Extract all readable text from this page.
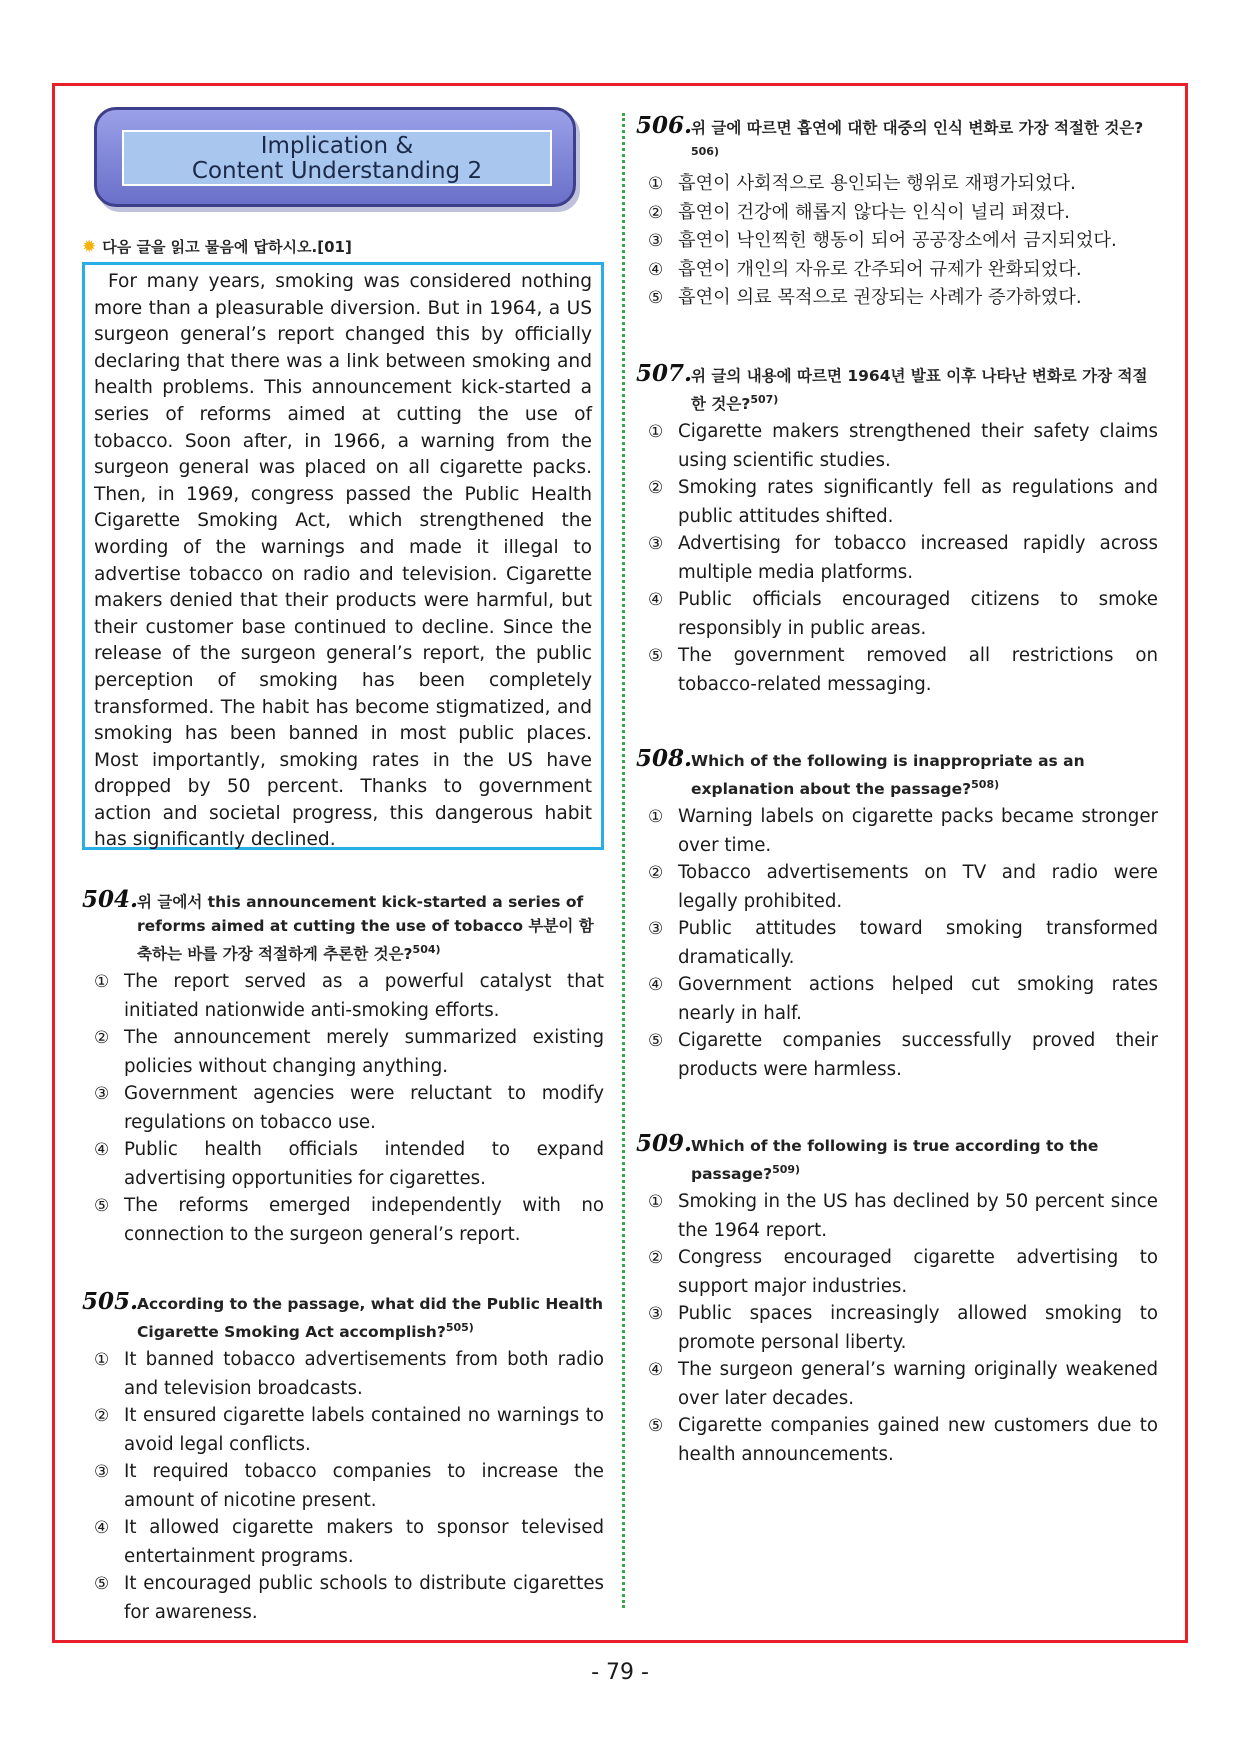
Implication &
Content Understanding 2
✹ 다음 글을 읽고 물음에 답하시오.[01]
For many years, smoking was considered nothing more than a pleasurable diversion. But in 1964, a US surgeon general’s report changed this by officially declaring that there was a link between smoking and health problems. This announcement kick-started a series of reforms aimed at cutting the use of tobacco. Soon after, in 1966, a warning from the surgeon general was placed on all cigarette packs. Then, in 1969, congress passed the Public Health Cigarette Smoking Act, which strengthened the wording of the warnings and made it illegal to advertise tobacco on radio and television. Cigarette makers denied that their products were harmful, but their customer base continued to decline. Since the release of the surgeon general’s report, the public perception of smoking has been completely transformed. The habit has become stigmatized, and smoking has been banned in most public places. Most importantly, smoking rates in the US have dropped by 50 percent. Thanks to government action and societal progress, this dangerous habit has significantly declined.
504.위 글에서 this announcement kick-started a series of reforms aimed at cutting the use of tobacco 부분이 함축하는 바를 가장 적절하게 추론한 것은?$^{504)}$
① The report served as a powerful catalyst that initiated nationwide anti-smoking efforts.
② The announcement merely summarized existing policies without changing anything.
③ Government agencies were reluctant to modify regulations on tobacco use.
④ Public health officials intended to expand advertising opportunities for cigarettes.
⑤ The reforms emerged independently with no connection to the surgeon general’s report.
505.According to the passage, what did the Public Health Cigarette Smoking Act accomplish?$^{505)}$
① It banned tobacco advertisements from both radio and television broadcasts.
② It ensured cigarette labels contained no warnings to avoid legal conflicts.
③ It required tobacco companies to increase the amount of nicotine present.
④ It allowed cigarette makers to sponsor televised entertainment programs.
⑤ It encouraged public schools to distribute cigarettes for awareness.
506.위 글에 따르면 흡연에 대한 대중의 인식 변화로 가장 적절한 것은?$^{506)}$
① 흡연이 사회적으로 용인되는 행위로 재평가되었다.
② 흡연이 건강에 해롭지 않다는 인식이 널리 퍼졌다.
③ 흡연이 낙인찍힌 행동이 되어 공공장소에서 금지되었다.
④ 흡연이 개인의 자유로 간주되어 규제가 완화되었다.
⑤ 흡연이 의료 목적으로 권장되는 사례가 증가하였다.
507.위 글의 내용에 따르면 1964년 발표 이후 나타난 변화로 가장 적절한 것은?$^{507)}$
① Cigarette makers strengthened their safety claims using scientific studies.
② Smoking rates significantly fell as regulations and public attitudes shifted.
③ Advertising for tobacco increased rapidly across multiple media platforms.
④ Public officials encouraged citizens to smoke responsibly in public areas.
⑤ The government removed all restrictions on tobacco-related messaging.
508.Which of the following is inappropriate as an explanation about the passage?$^{508)}$
① Warning labels on cigarette packs became stronger over time.
② Tobacco advertisements on TV and radio were legally prohibited.
③ Public attitudes toward smoking transformed dramatically.
④ Government actions helped cut smoking rates nearly in half.
⑤ Cigarette companies successfully proved their products were harmless.
509.Which of the following is true according to the passage?$^{509)}$
① Smoking in the US has declined by 50 percent since the 1964 report.
② Congress encouraged cigarette advertising to support major industries.
③ Public spaces increasingly allowed smoking to promote personal liberty.
④ The surgeon general’s warning originally weakened over later decades.
⑤ Cigarette companies gained new customers due to health announcements.
- 79 -
